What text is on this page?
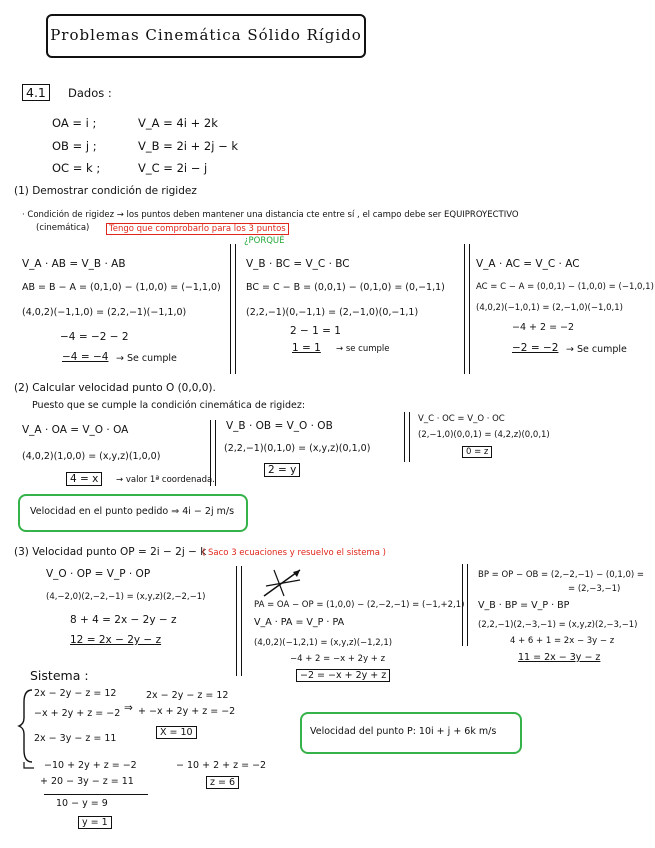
Problemas Cinemática Sólido Rígido
4.1	Dados :
OA = i ;	V_A = 4i + 2k
OB = j ;	V_B = 2i + 2j − k
OC = k ;	V_C = 2i − j
(1) Demostrar condición de rigidez
· Condición de rigidez → los puntos deben mantener una distancia cte entre sí , el campo debe ser EQUIPROYECTIVO
(cinemática)	Tengo que comprobarlo para los 3 puntos
¿PORQUÉ
V_A · AB = V_B · AB
AB = B − A = (0,1,0) − (1,0,0) = (−1,1,0)
(4,0,2)(−1,1,0) = (2,2,−1)(−1,1,0)
−4 = −2 − 2
−4 = −4 → Se cumple
V_B · BC = V_C · BC
BC = C − B = (0,0,1) − (0,1,0) = (0,−1,1)
(2,2,−1)(0,−1,1) = (2,−1,0)(0,−1,1)
2 − 1 = 1
1 = 1 → se cumple
V_A · AC = V_C · AC
AC = C − A = (0,0,1) − (1,0,0) = (−1,0,1)
(4,0,2)(−1,0,1) = (2,−1,0)(−1,0,1)
−4 + 2 = −2
−2 = −2 → Se cumple
(2) Calcular velocidad punto O (0,0,0).
Puesto que se cumple la condición cinemática de rigidez:
V_A · OA = V_O · OA
(4,0,2)(1,0,0) = (x,y,z)(1,0,0)
4 = x	→ valor 1ª coordenada.
V_B · OB = V_O · OB
(2,2,−1)(0,1,0) = (x,y,z)(0,1,0)
2 = y
V_C · OC = V_O · OC
(2,−1,0)(0,0,1) = (4,2,z)(0,0,1)
0 = z
Velocidad en el punto pedido ⇒ 4i − 2j m/s
(3) Velocidad punto OP = 2i − 2j − k
( Saco 3 ecuaciones y resuelvo el sistema )
V_O · OP = V_P · OP
(4,−2,0)(2,−2,−1) = (x,y,z)(2,−2,−1)
8 + 4 = 2x − 2y − z
12 = 2x − 2y − z
PA = OA − OP = (1,0,0) − (2,−2,−1) = (−1,+2,1)
V_A · PA = V_P · PA
(4,0,2)(−1,2,1) = (x,y,z)(−1,2,1)
−4 + 2 = −x + 2y + z
−2 = −x + 2y + z
BP = OP − OB = (2,−2,−1) − (0,1,0) =
= (2,−3,−1)
V_B · BP = V_P · BP
(2,2,−1)(2,−3,−1) = (x,y,z)(2,−3,−1)
4 + 6 + 1 = 2x − 3y − z
11 = 2x − 3y − z
Sistema :
2x − 2y − z = 12
−x + 2y + z = −2
2x − 3y − z = 11
⇒
2x − 2y − z = 12
+ −x + 2y + z = −2
X = 10
−10 + 2y + z = −2
+ 20 − 3y − z = 11
10 − y = 9
y = 1
− 10 + 2 + z = −2
z = 6
Velocidad del punto P: 10i + j + 6k m/s
